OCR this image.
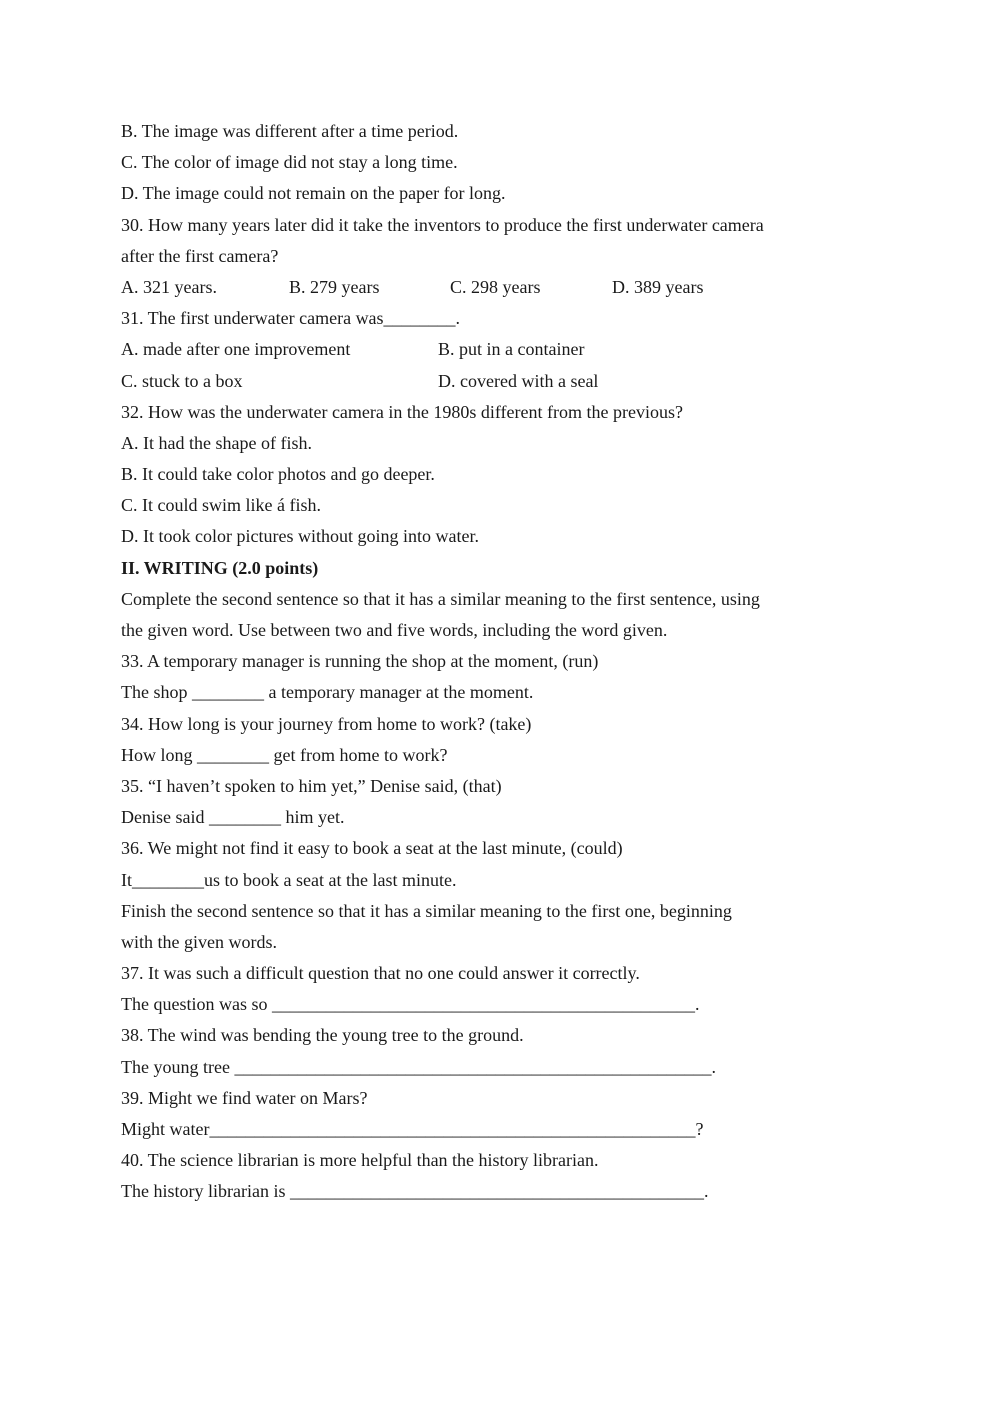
B. The image was different after a time period.
C. The color of image did not stay a long time.
D. The image could not remain on the paper for long.
30. How many years later did it take the inventors to produce the first underwater camera
after the first camera?
A. 321 years.	B. 279 years	C. 298 years	D. 389 years
31. The first underwater camera was________.
A. made after one improvement	B. put in a container
C. stuck to a box	D. covered with a seal
32. How was the underwater camera in the 1980s different from the previous?
A. It had the shape of fish.
B. It could take color photos and go deeper.
C. It could swim like á fish.
D. It took color pictures without going into water.
II. WRITING (2.0 points)
Complete the second sentence so that it has a similar meaning to the first sentence, using
the given word. Use between two and five words, including the word given.
33. A temporary manager is running the shop at the moment, (run)
The shop ________ a temporary manager at the moment.
34. How long is your journey from home to work? (take)
How long ________ get from home to work?
35. “I haven’t spoken to him yet,” Denise said, (that)
Denise said ________ him yet.
36. We might not find it easy to book a seat at the last minute, (could)
It________us to book a seat at the last minute.
Finish the second sentence so that it has a similar meaning to the first one, beginning
with the given words.
37. It was such a difficult question that no one could answer it correctly.
The question was so _______________________________________________.
38. The wind was bending the young tree to the ground.
The young tree _____________________________________________________.
39. Might we find water on Mars?
Might water______________________________________________________?
40. The science librarian is more helpful than the history librarian.
The history librarian is ______________________________________________.
